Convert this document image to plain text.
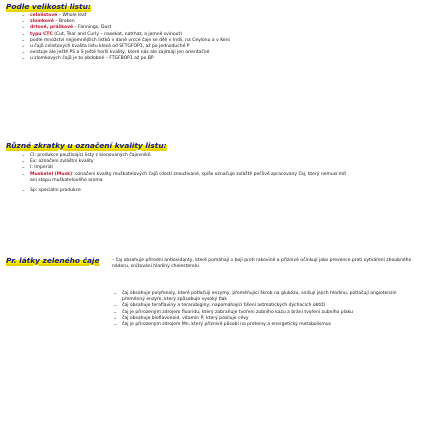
Podle velikosti listu:
– celolistové – Whole leaf
– zlomkové – Broken
– drtové, práškové – Fannings, Dust
– typu CTC (Cut, Tear and Curly – nasekat, natrhat, a jemně svinout)
– podle množství nejjemnějších lístků v dané vrcce čaje se dělí v Indii, na Ceylonu a v Keni
– u čajů celistových kvalita listu klesá od SFTGFOP1, až po jednoduché P
– existuje ale ještě PS a S ještě horší kvality, které nás ale zajímají jen orientačně
– u zlomkových čajů je to obdobné – FTGFBOP1 až po BP
Různé zkratky u označení kvality listu:
– Cl: produkce používající listy z klonovaných čajovníků
– Ex: označení zvláštní kvality
– I: Imperiál
– Muskatel (Musk): označení kvality muškatelových čajů (dosti zneužívané, spíše označuje zvláště pečlivě zpracovaný čaj, který nemusí mít ani stopu muškatelového aroma
– Sp: speciální produkce
Pr. látky zeleného čaje	– čaj obsahuje přírodní antioxidanty, které pomáhají v boji proti rakovině a příznivě účinkují jako prevence proti vytváření zhoubného nádoru, snižování hladiny cholesterolu

– čaj obsahuje polyfenoly, které potlačují enzymy, přeměňující škrob na glukózu, snižují jejich hladinu, potlačují angiotenzin přeměnný enzym, který způsobuje vysoký tlak
– čaj obsahuje teraflaviny a terarubiginy, napomáhající tišení astmatických dýchacích obtíží
– čaj je přirozeným zdrojem fluoridu, který zabraňuje tvoření zubního kazu a brání tvoření zubního plaku
– čaj obsahuje bioflavonoid, vitamín P, který posiluje cévy
– čaj je přirozeným zdrojem Mn, který příznivě působí na proteiny a energetický metabolismus
